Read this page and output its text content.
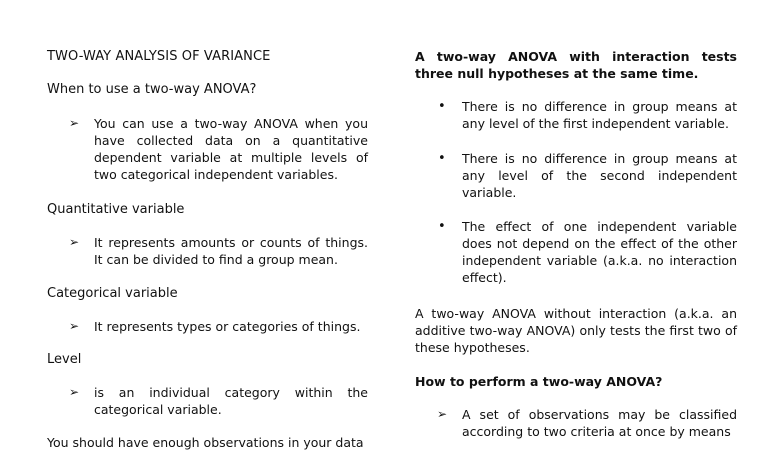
TWO-WAY ANALYSIS OF VARIANCE
When to use a two-way ANOVA?
➢ You can use a two-way ANOVA when you have collected data on a quantitative dependent variable at multiple levels of two categorical independent variables.
Quantitative variable
➢ It represents amounts or counts of things. It can be divided to find a group mean.
Categorical variable
➢ It represents types or categories of things.
Level
➢ is an individual category within the categorical variable.
You should have enough observations in your data
A two-way ANOVA with interaction tests three null hypotheses at the same time.
• There is no difference in group means at any level of the first independent variable.
• There is no difference in group means at any level of the second independent variable.
• The effect of one independent variable does not depend on the effect of the other independent variable (a.k.a. no interaction effect).
A two-way ANOVA without interaction (a.k.a. an additive two-way ANOVA) only tests the first two of these hypotheses.
How to perform a two-way ANOVA?
➢ A set of observations may be classified according to two criteria at once by means
